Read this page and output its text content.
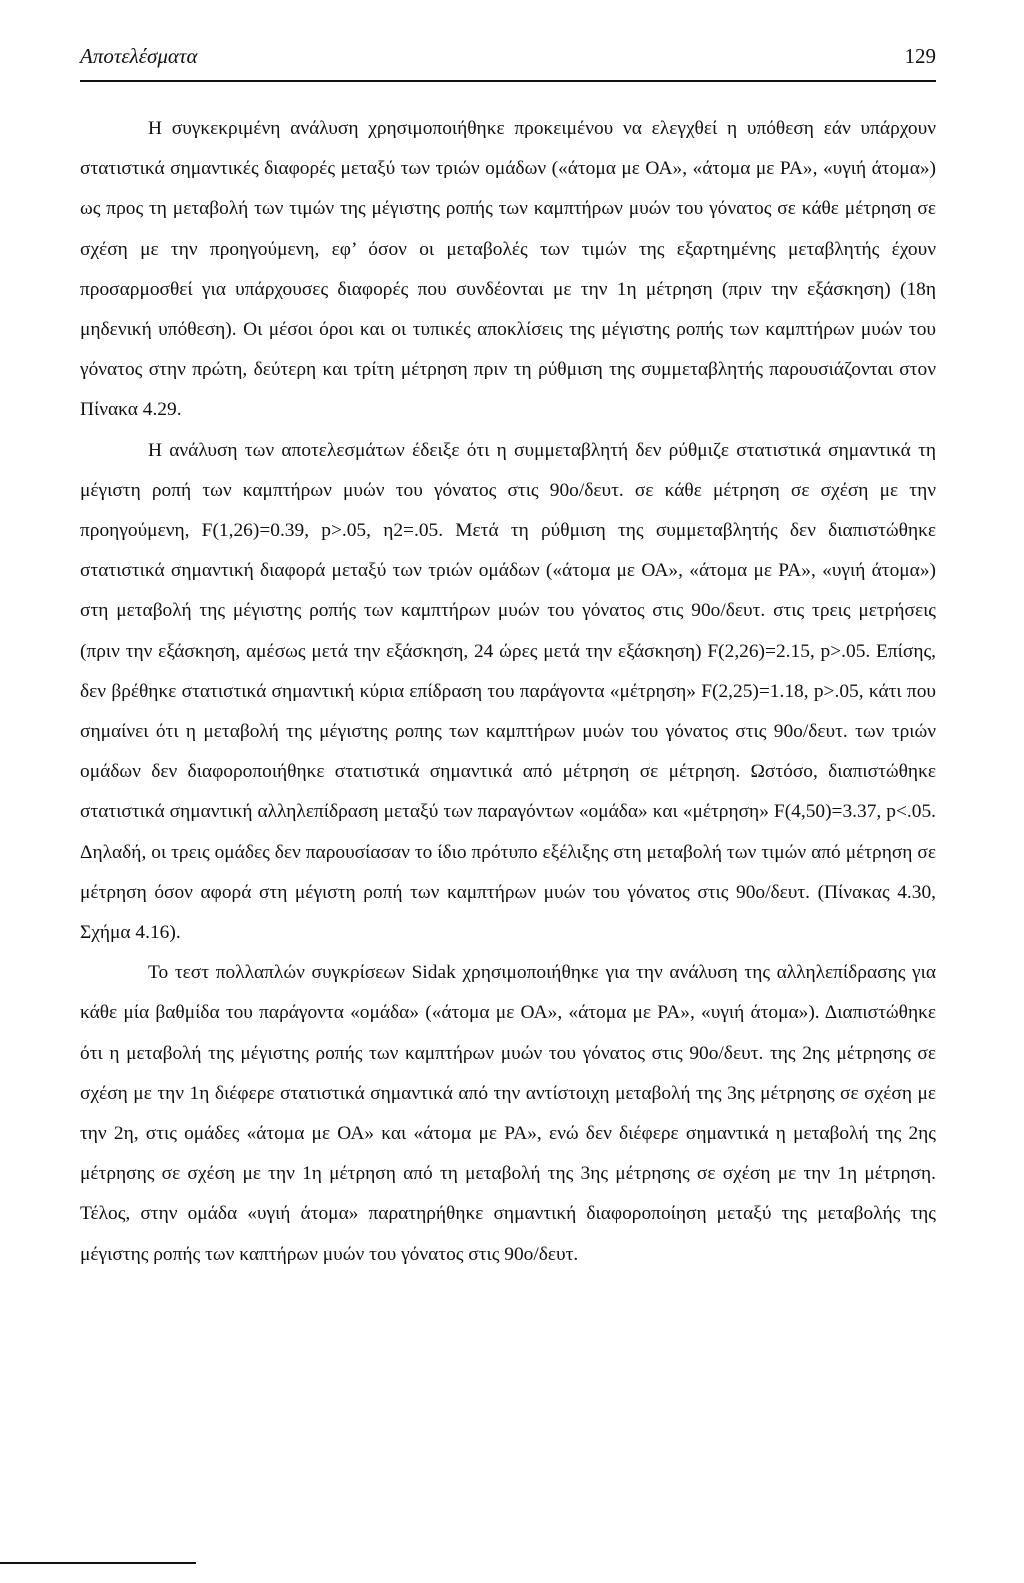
Αποτελέσματα	129

Η συγκεκριμένη ανάλυση χρησιμοποιήθηκε προκειμένου να ελεγχθεί η υπόθεση εάν υπάρχουν στατιστικά σημαντικές διαφορές μεταξύ των τριών ομάδων («άτομα με ΟΑ», «άτομα με ΡΑ», «υγιή άτομα») ως προς τη μεταβολή των τιμών της μέγιστης ροπής των καμπτήρων μυών του γόνατος σε κάθε μέτρηση σε σχέση με την προηγούμενη, εφ’ όσον οι μεταβολές των τιμών της εξαρτημένης μεταβλητής έχουν προσαρμοσθεί για υπάρχουσες διαφορές που συνδέονται με την 1η μέτρηση (πριν την εξάσκηση) (18η μηδενική υπόθεση). Οι μέσοι όροι και οι τυπικές αποκλίσεις της μέγιστης ροπής των καμπτήρων μυών του γόνατος στην πρώτη, δεύτερη και τρίτη μέτρηση πριν τη ρύθμιση της συμμεταβλητής παρουσιάζονται στον Πίνακα 4.29.

Η ανάλυση των αποτελεσμάτων έδειξε ότι η συμμεταβλητή δεν ρύθμιζε στατιστικά σημαντικά τη μέγιστη ροπή των καμπτήρων μυών του γόνατος στις 90ο/δευτ. σε κάθε μέτρηση σε σχέση με την προηγούμενη, F(1,26)=0.39, p>.05, η2=.05. Μετά τη ρύθμιση της συμμεταβλητής δεν διαπιστώθηκε στατιστικά σημαντική διαφορά μεταξύ των τριών ομάδων («άτομα με ΟΑ», «άτομα με ΡΑ», «υγιή άτομα») στη μεταβολή της μέγιστης ροπής των καμπτήρων μυών του γόνατος στις 90ο/δευτ. στις τρεις μετρήσεις (πριν την εξάσκηση, αμέσως μετά την εξάσκηση, 24 ώρες μετά την εξάσκηση) F(2,26)=2.15, p>.05. Επίσης, δεν βρέθηκε στατιστικά σημαντική κύρια επίδραση του παράγοντα «μέτρηση» F(2,25)=1.18, p>.05, κάτι που σημαίνει ότι η μεταβολή της μέγιστης ροπης των καμπτήρων μυών του γόνατος στις 90ο/δευτ. των τριών ομάδων δεν διαφοροποιήθηκε στατιστικά σημαντικά από μέτρηση σε μέτρηση. Ωστόσο, διαπιστώθηκε στατιστικά σημαντική αλληλεπίδραση μεταξύ των παραγόντων «ομάδα» και «μέτρηση» F(4,50)=3.37, p<.05. Δηλαδή, οι τρεις ομάδες δεν παρουσίασαν το ίδιο πρότυπο εξέλιξης στη μεταβολή των τιμών από μέτρηση σε μέτρηση όσον αφορά στη μέγιστη ροπή των καμπτήρων μυών του γόνατος στις 90ο/δευτ. (Πίνακας 4.30, Σχήμα 4.16).

Το τεστ πολλαπλών συγκρίσεων Sidak χρησιμοποιήθηκε για την ανάλυση της αλληλεπίδρασης για κάθε μία βαθμίδα του παράγοντα «ομάδα» («άτομα με ΟΑ», «άτομα με ΡΑ», «υγιή άτομα»). Διαπιστώθηκε ότι η μεταβολή της μέγιστης ροπής των καμπτήρων μυών του γόνατος στις 90ο/δευτ. της 2ης μέτρησης σε σχέση με την 1η διέφερε στατιστικά σημαντικά από την αντίστοιχη μεταβολή της 3ης μέτρησης σε σχέση με την 2η, στις ομάδες «άτομα με ΟΑ» και «άτομα με ΡΑ», ενώ δεν διέφερε σημαντικά η μεταβολή της 2ης μέτρησης σε σχέση με την 1η μέτρηση από τη μεταβολή της 3ης μέτρησης σε σχέση με την 1η μέτρηση. Τέλος, στην ομάδα «υγιή άτομα» παρατηρήθηκε σημαντική διαφοροποίηση μεταξύ της μεταβολής της μέγιστης ροπής των καπτήρων μυών του γόνατος στις 90ο/δευτ.
